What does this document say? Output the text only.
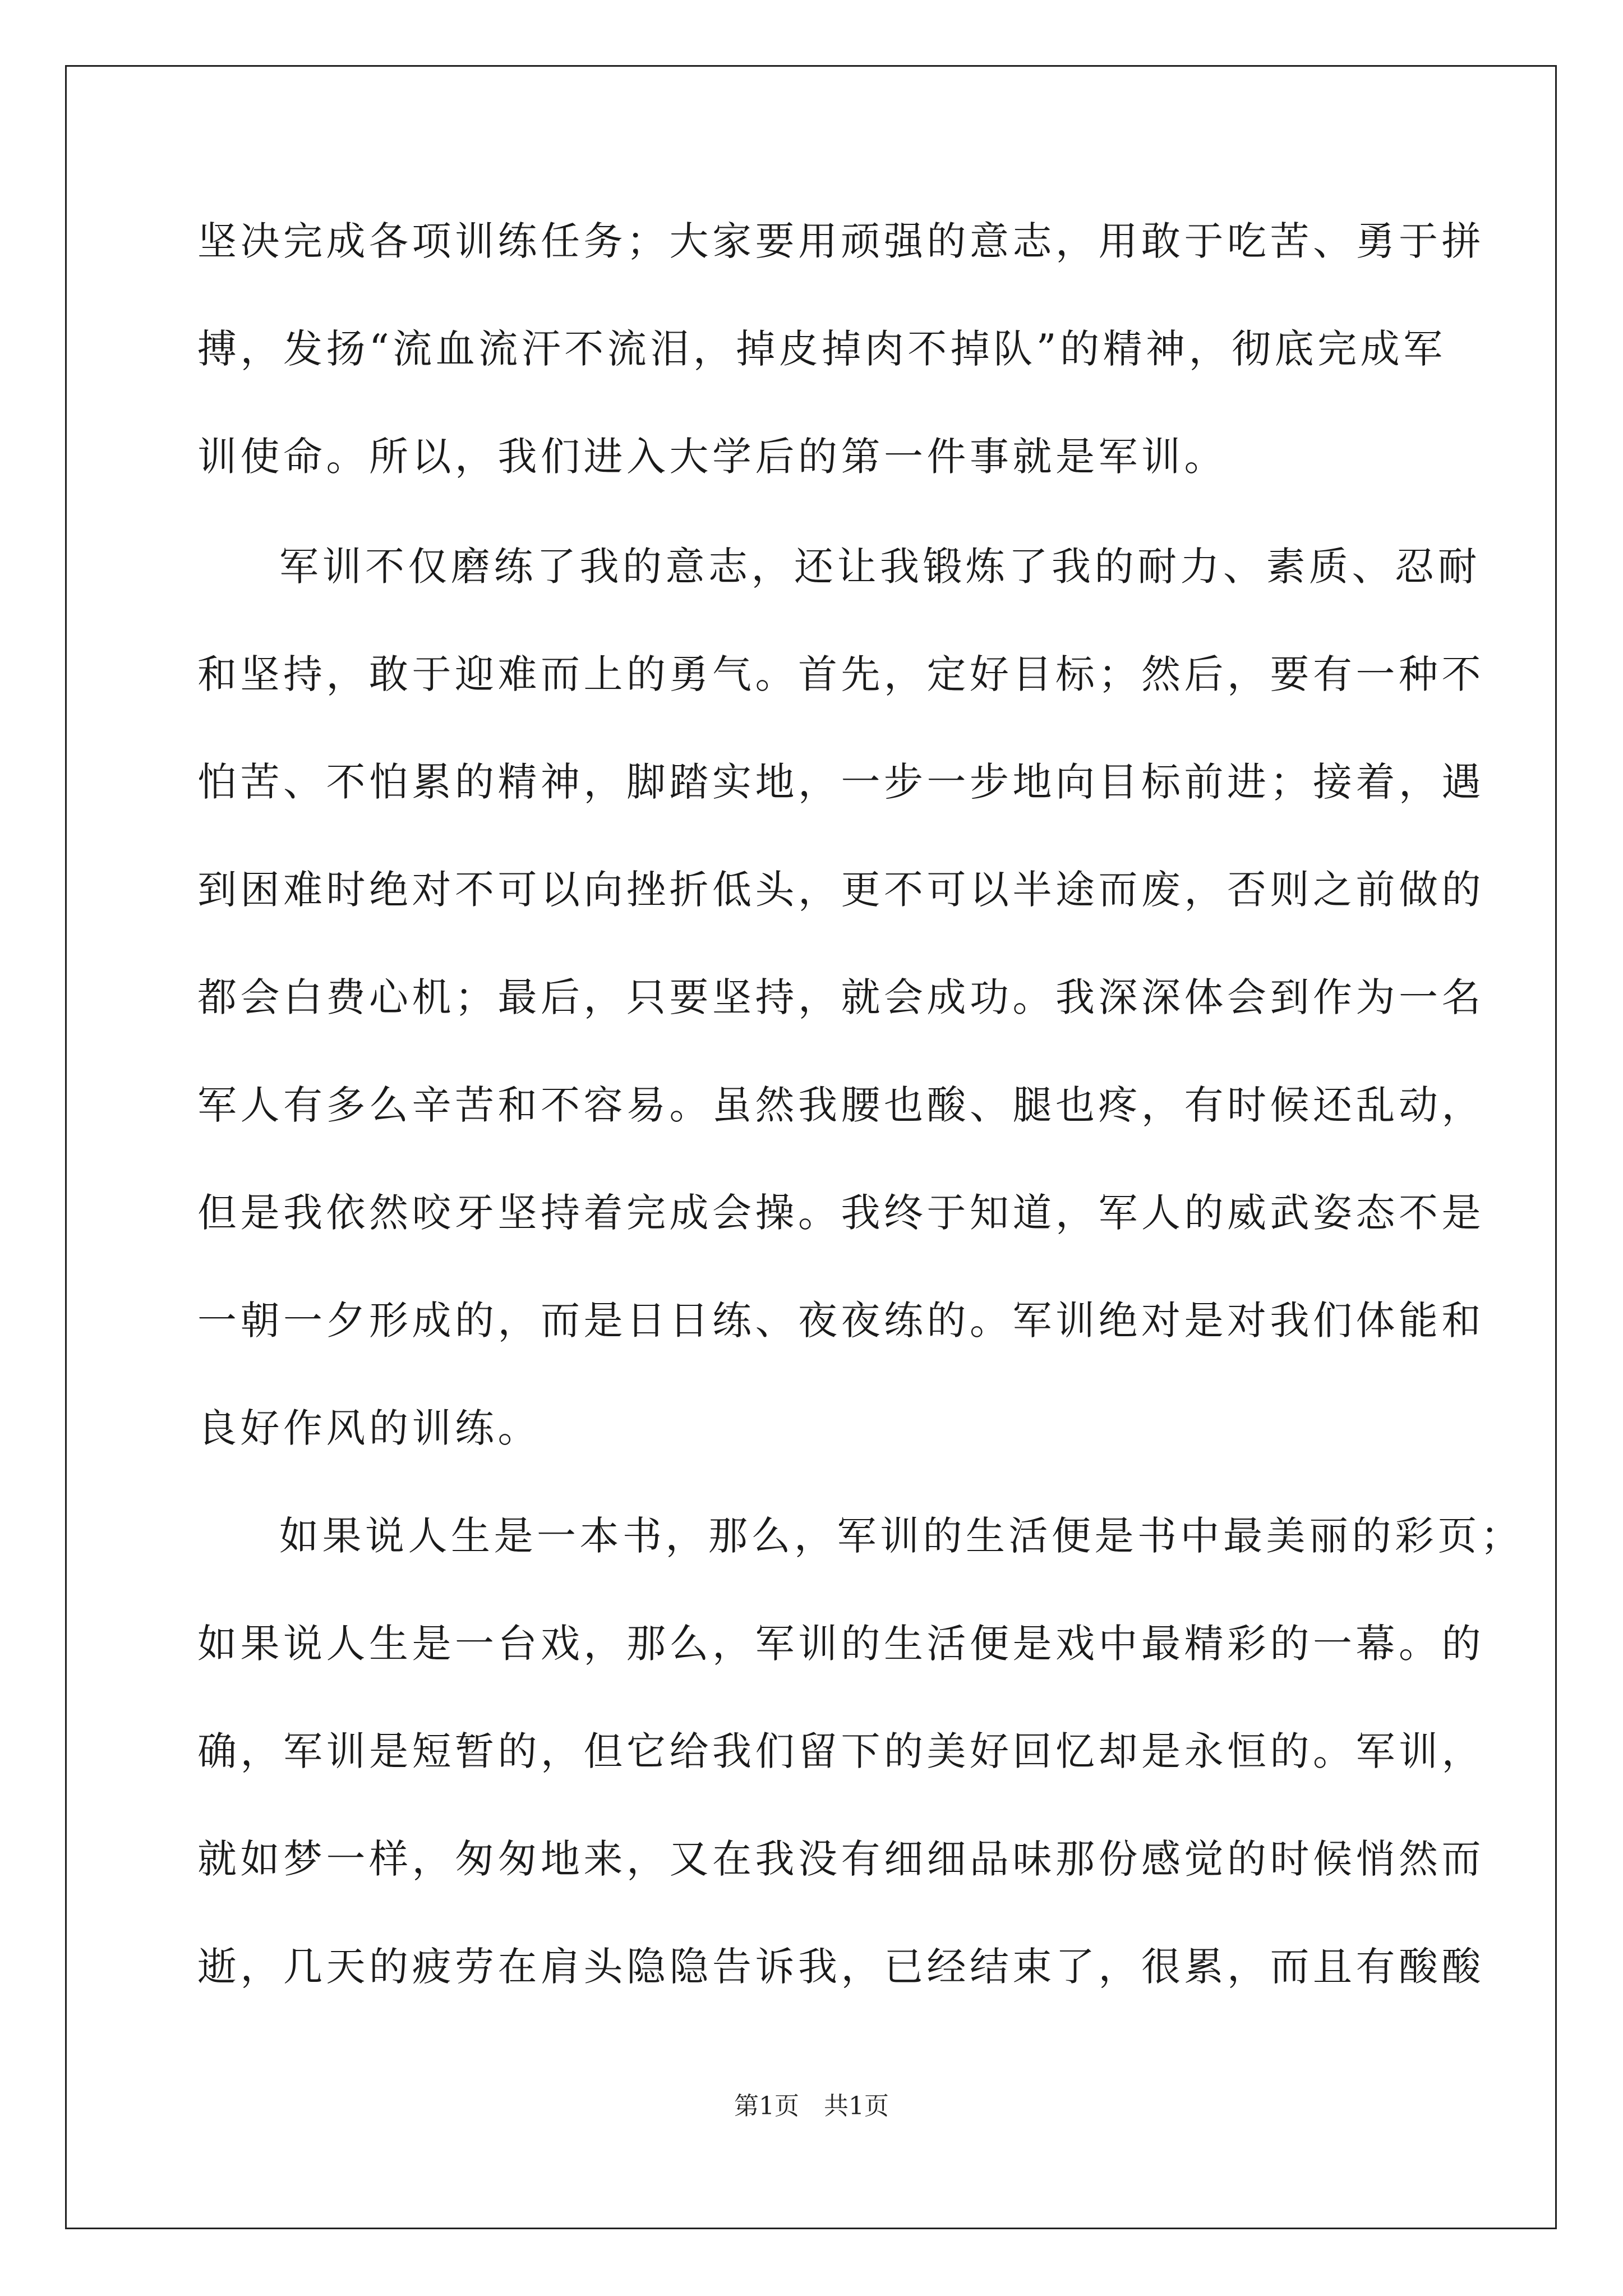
坚决完成各项训练任务；大家要用顽强的意志，用敢于吃苦、勇于拼
搏，发扬“流血流汗不流泪，掉皮掉肉不掉队”的精神，彻底完成军
训使命。所以，我们进入大学后的第一件事就是军训。
军训不仅磨练了我的意志，还让我锻炼了我的耐力、素质、忍耐
和坚持，敢于迎难而上的勇气。首先，定好目标；然后，要有一种不
怕苦、不怕累的精神，脚踏实地，一步一步地向目标前进；接着，遇
到困难时绝对不可以向挫折低头，更不可以半途而废，否则之前做的
都会白费心机；最后，只要坚持，就会成功。我深深体会到作为一名
军人有多么辛苦和不容易。虽然我腰也酸、腿也疼，有时候还乱动，
但是我依然咬牙坚持着完成会操。我终于知道，军人的威武姿态不是
一朝一夕形成的，而是日日练、夜夜练的。军训绝对是对我们体能和
良好作风的训练。
如果说人生是一本书，那么，军训的生活便是书中最美丽的彩页；
如果说人生是一台戏，那么，军训的生活便是戏中最精彩的一幕。的
确，军训是短暂的，但它给我们留下的美好回忆却是永恒的。军训，
就如梦一样，匆匆地来，又在我没有细细品味那份感觉的时候悄然而
逝，几天的疲劳在肩头隐隐告诉我，已经结束了，很累，而且有酸酸
第1页　共1页
